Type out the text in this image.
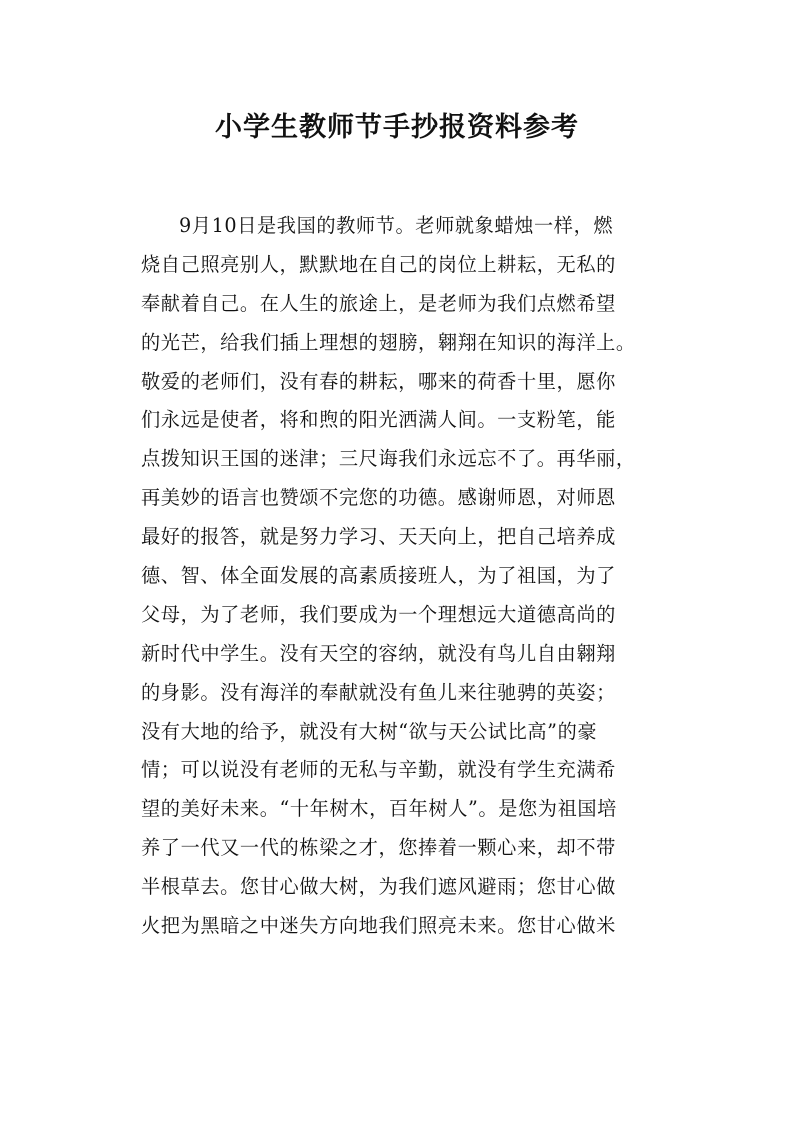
小学生教师节手抄报资料参考
9月10日是我国的教师节。老师就象蜡烛一样，燃
烧自己照亮别人，默默地在自己的岗位上耕耘，无私的
奉献着自己。在人生的旅途上，是老师为我们点燃希望
的光芒，给我们插上理想的翅膀，翱翔在知识的海洋上。
敬爱的老师们，没有春的耕耘，哪来的荷香十里，愿你
们永远是使者，将和煦的阳光洒满人间。一支粉笔，能
点拨知识王国的迷津；三尺诲我们永远忘不了。再华丽，
再美妙的语言也赞颂不完您的功德。感谢师恩，对师恩
最好的报答，就是努力学习、天天向上，把自己培养成
德、智、体全面发展的高素质接班人，为了祖国，为了
父母，为了老师，我们要成为一个理想远大道德高尚的
新时代中学生。没有天空的容纳，就没有鸟儿自由翱翔
的身影。没有海洋的奉献就没有鱼儿来往驰骋的英姿；
没有大地的给予，就没有大树“欲与天公试比高”的豪
情；可以说没有老师的无私与辛勤，就没有学生充满希
望的美好未来。“十年树木，百年树人”。是您为祖国培
养了一代又一代的栋梁之才，您捧着一颗心来，却不带
半根草去。您甘心做大树，为我们遮风避雨；您甘心做
火把为黑暗之中迷失方向地我们照亮未来。您甘心做米
